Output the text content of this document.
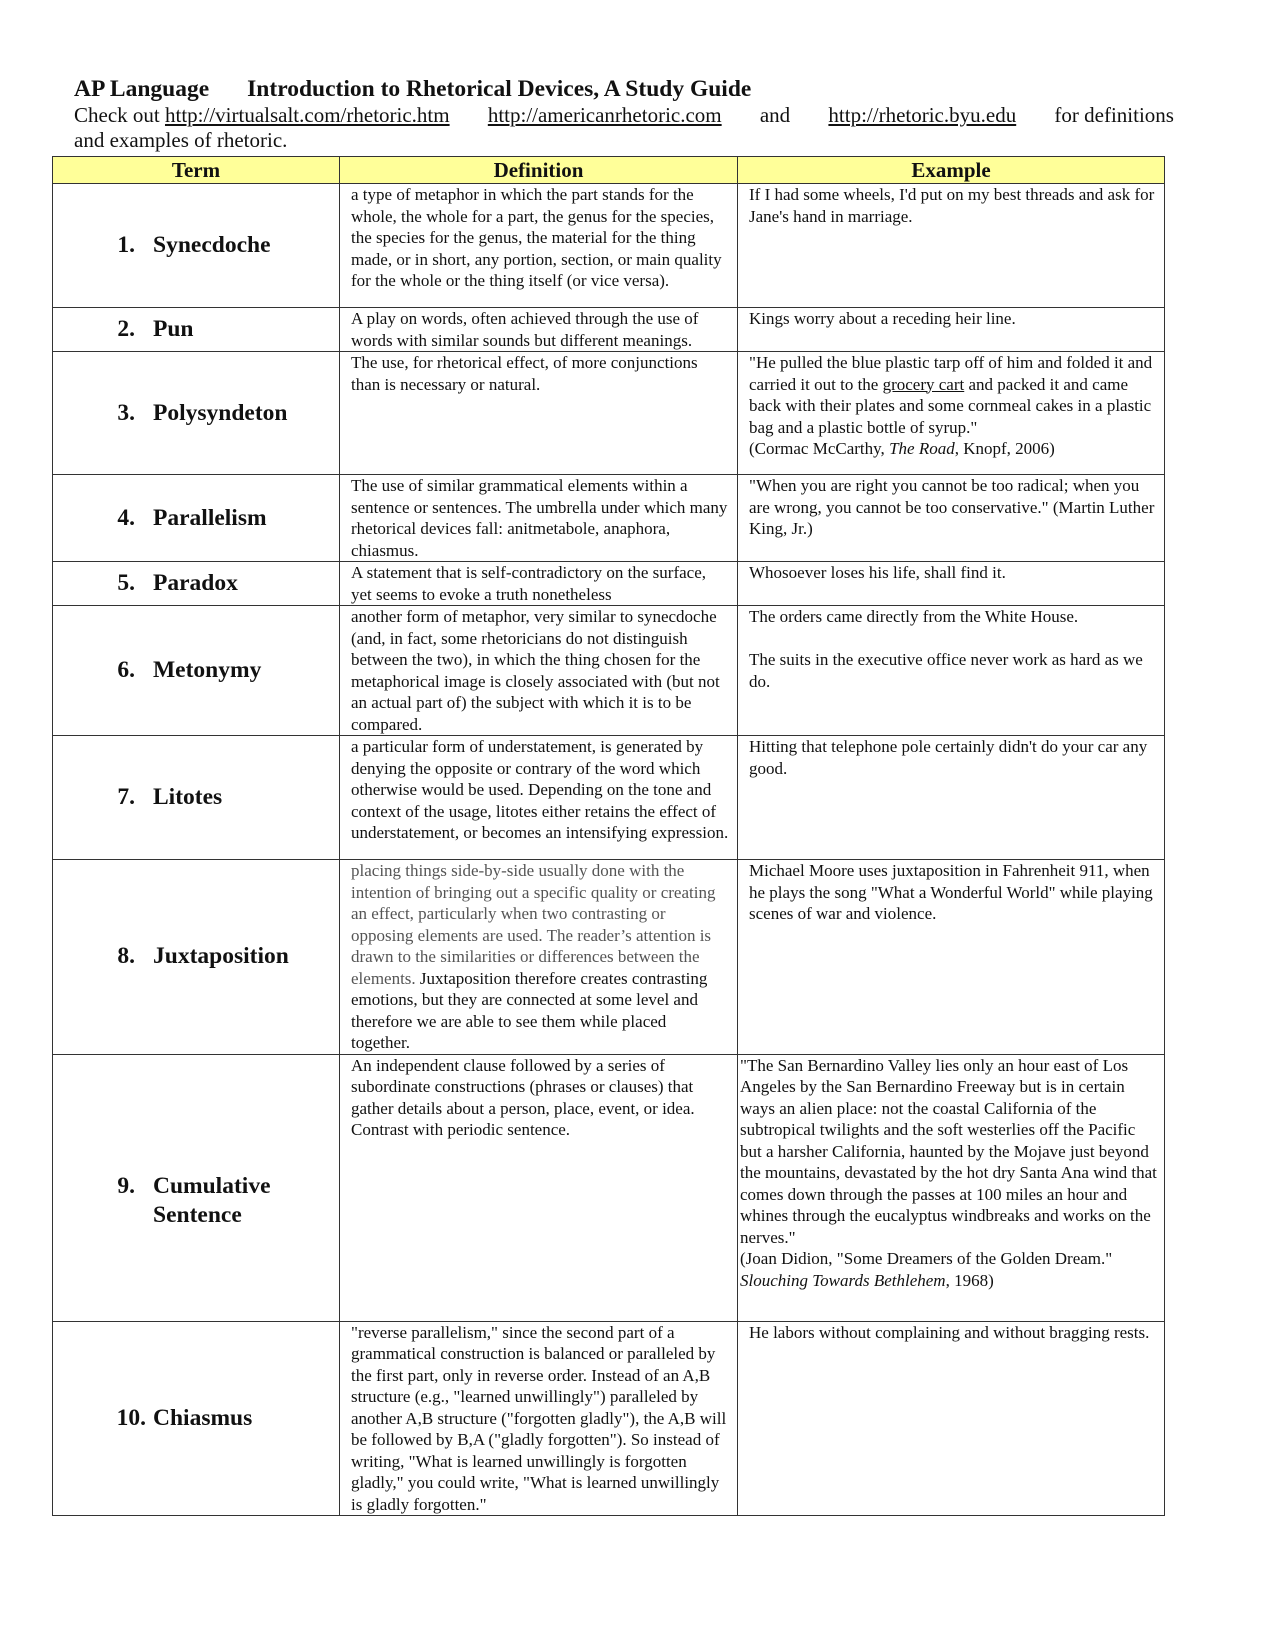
AP Language Introduction to Rhetorical Devices, A Study Guide
Check out http://virtualsalt.com/rhetoric.htm http://americanrhetoric.com and http://rhetoric.byu.edu for definitions
and examples of rhetoric.
Term	Definition	Example
1. Synecdoche	a type of metaphor in which the part stands for the whole, the whole for a part, the genus for the species, the species for the genus, the material for the thing made, or in short, any portion, section, or main quality for the whole or the thing itself (or vice versa).	If I had some wheels, I'd put on my best threads and ask for Jane's hand in marriage.
2. Pun	A play on words, often achieved through the use of words with similar sounds but different meanings.	Kings worry about a receding heir line.
3. Polysyndeton	The use, for rhetorical effect, of more conjunctions than is necessary or natural.	"He pulled the blue plastic tarp off of him and folded it and carried it out to the grocery cart and packed it and came back with their plates and some cornmeal cakes in a plastic bag and a plastic bottle of syrup."
(Cormac McCarthy, The Road, Knopf, 2006)
4. Parallelism	The use of similar grammatical elements within a sentence or sentences. The umbrella under which many rhetorical devices fall: anitmetabole, anaphora, chiasmus.	"When you are right you cannot be too radical; when you are wrong, you cannot be too conservative." (Martin Luther King, Jr.)
5. Paradox	A statement that is self-contradictory on the surface, yet seems to evoke a truth nonetheless	Whosoever loses his life, shall find it.
6. Metonymy	another form of metaphor, very similar to synecdoche (and, in fact, some rhetoricians do not distinguish between the two), in which the thing chosen for the metaphorical image is closely associated with (but not an actual part of) the subject with which it is to be compared.	The orders came directly from the White House.
The suits in the executive office never work as hard as we do.

7. Litotes	a particular form of understatement, is generated by denying the opposite or contrary of the word which otherwise would be used. Depending on the tone and context of the usage, litotes either retains the effect of understatement, or becomes an intensifying expression.	Hitting that telephone pole certainly didn't do your car any good.
8. Juxtaposition	placing things side-by-side usually done with the intention of bringing out a specific quality or creating an effect, particularly when two contrasting or opposing elements are used. The reader’s attention is drawn to the similarities or differences between the elements. Juxtaposition therefore creates contrasting emotions, but they are connected at some level and therefore we are able to see them while placed together.	Michael Moore uses juxtaposition in Fahrenheit 911, when he plays the song "What a Wonderful World" while playing scenes of war and violence.
9. Cumulative
Sentence	An independent clause followed by a series of subordinate constructions (phrases or clauses) that gather details about a person, place, event, or idea. Contrast with periodic sentence.	"The San Bernardino Valley lies only an hour east of Los Angeles by the San Bernardino Freeway but is in certain ways an alien place: not the coastal California of the subtropical twilights and the soft westerlies off the Pacific but a harsher California, haunted by the Mojave just beyond the mountains, devastated by the hot dry Santa Ana wind that comes down through the passes at 100 miles an hour and whines through the eucalyptus windbreaks and works on the nerves."
(Joan Didion, "Some Dreamers of the Golden Dream." Slouching Towards Bethlehem, 1968)
10. Chiasmus	"reverse parallelism," since the second part of a grammatical construction is balanced or paralleled by the first part, only in reverse order. Instead of an A,B structure (e.g., "learned unwillingly") paralleled by another A,B structure ("forgotten gladly"), the A,B will be followed by B,A ("gladly forgotten"). So instead of writing, "What is learned unwillingly is forgotten gladly," you could write, "What is learned unwillingly is gladly forgotten."	He labors without complaining and without bragging rests.
